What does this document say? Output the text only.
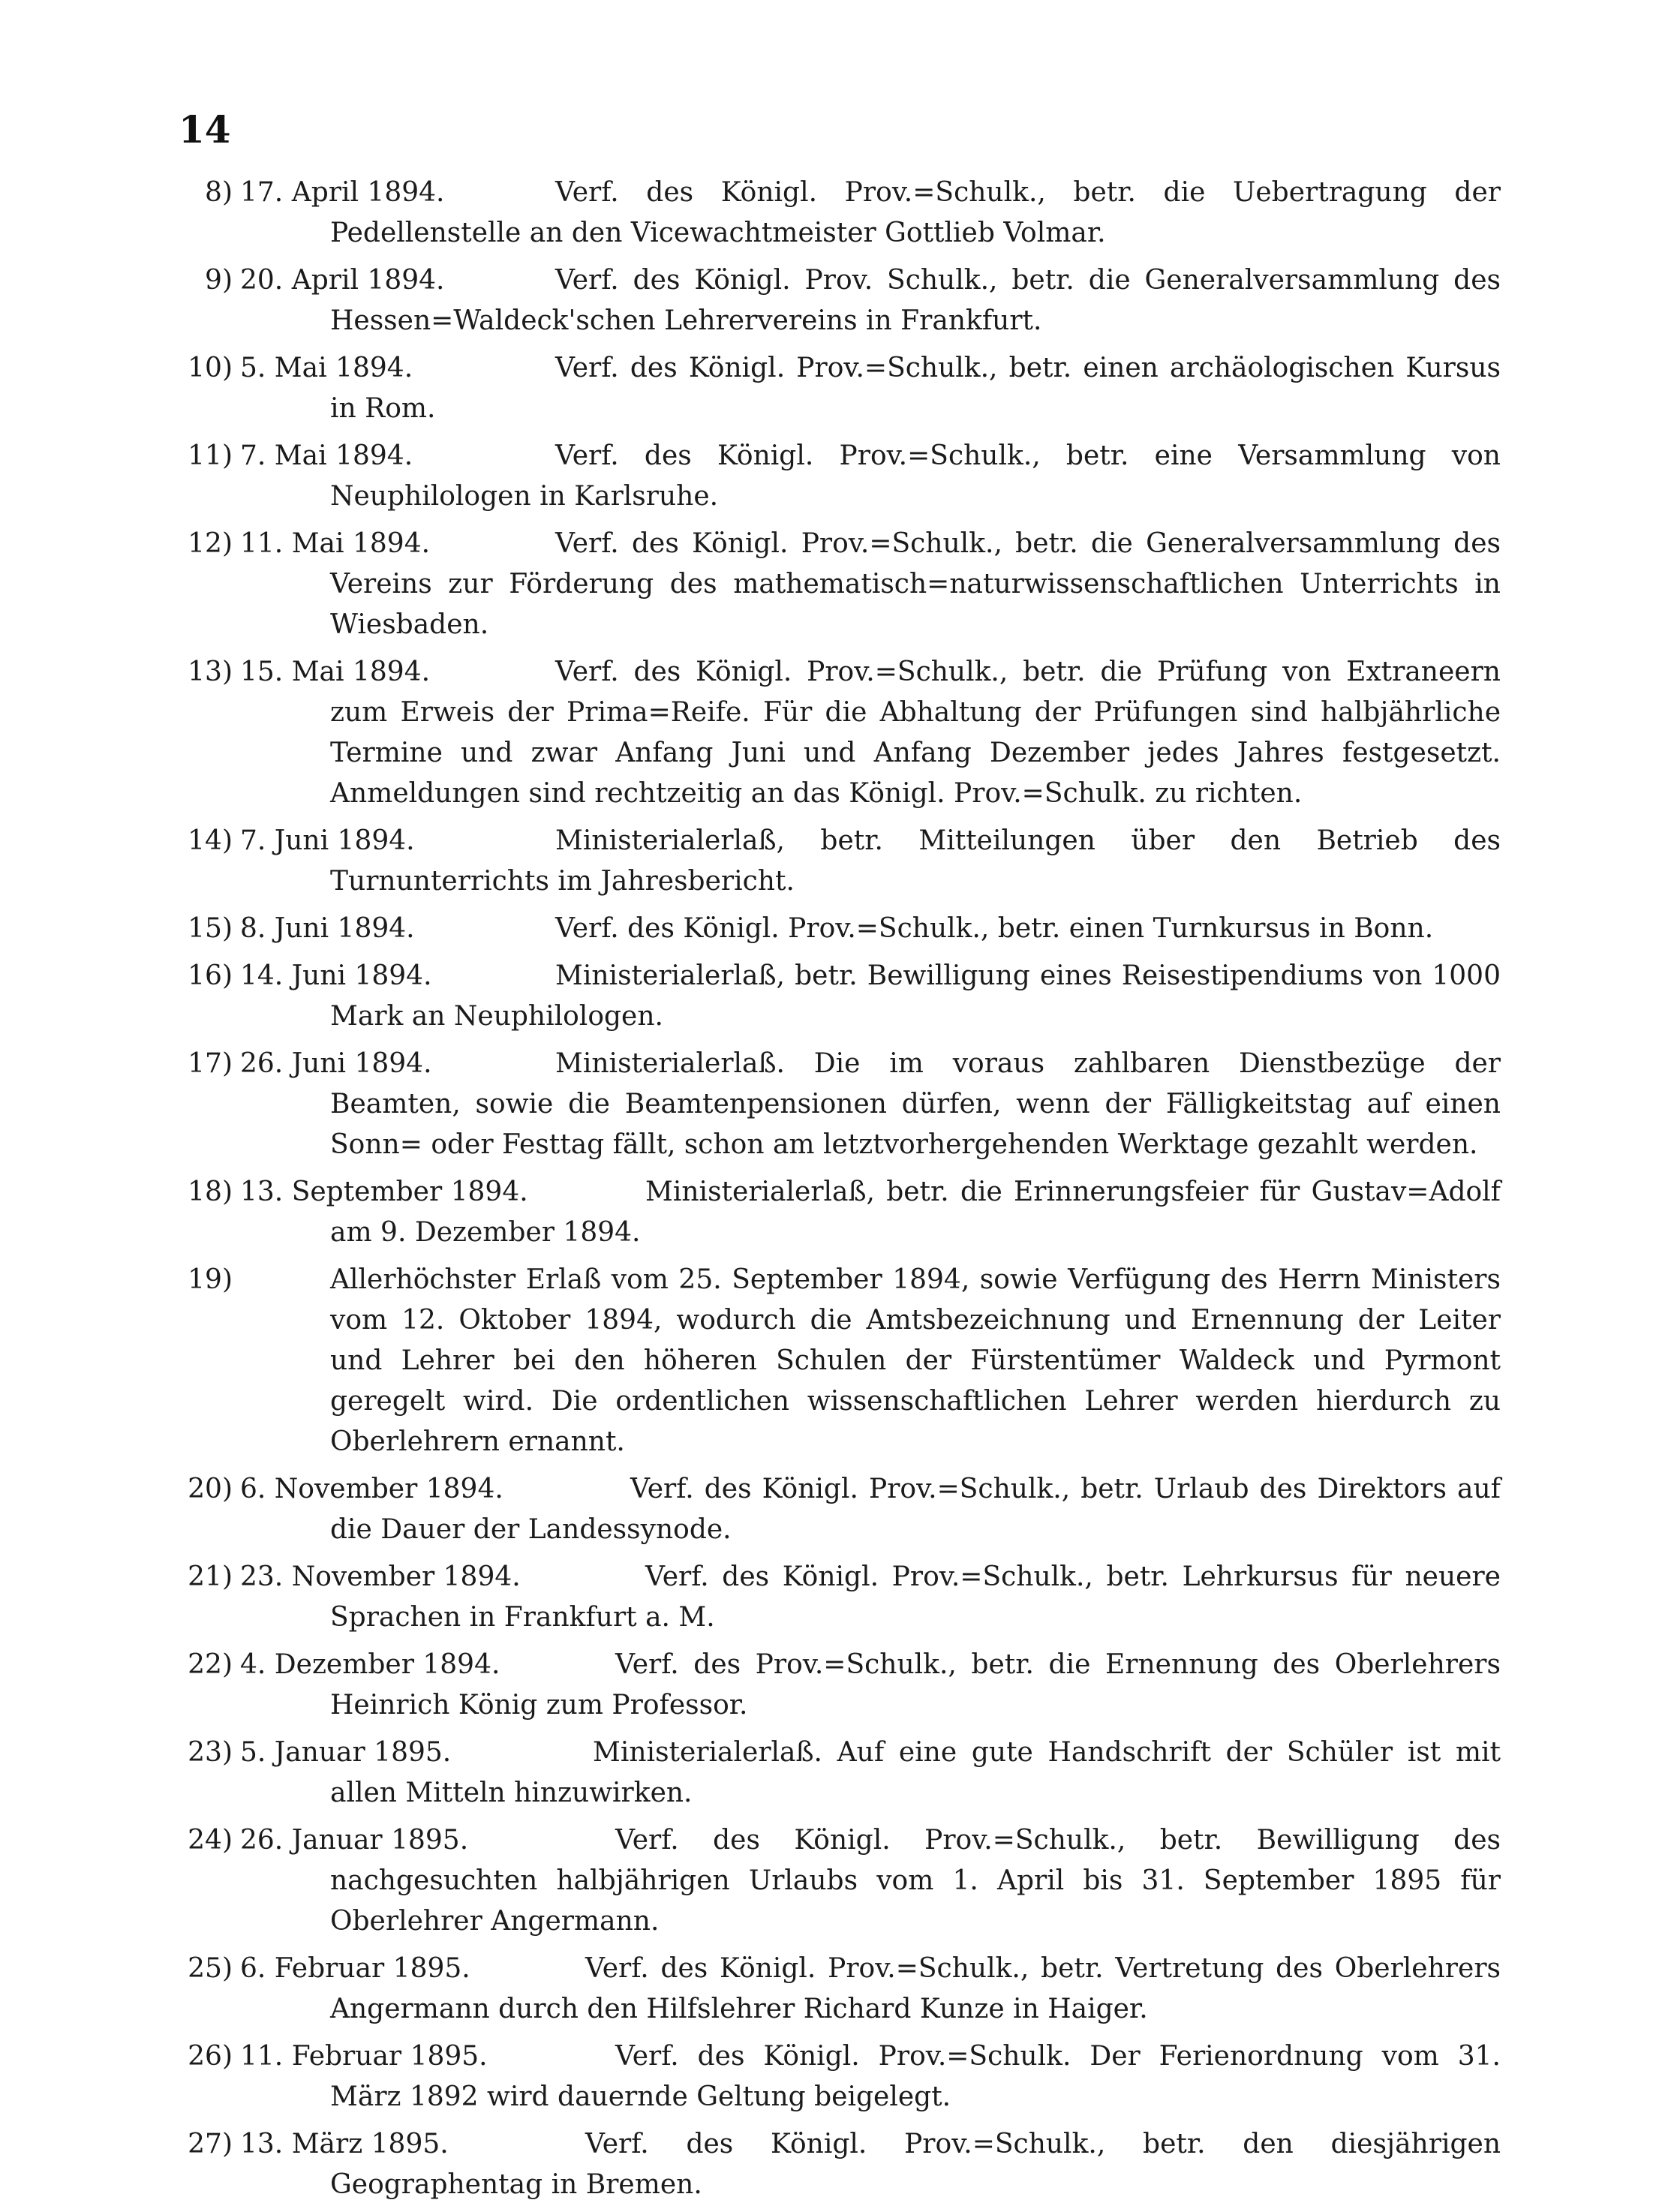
14
8) 17. April 1894.	Verf. des Königl. Prov.=Schulk., betr. die Uebertragung der Pedellenstelle an den Vicewachtmeister Gottlieb Volmar.
9) 20. April 1894.	Verf. des Königl. Prov. Schulk., betr. die Generalversammlung des Hessen=Waldeck'schen Lehrervereins in Frankfurt.
10) 5. Mai 1894.	Verf. des Königl. Prov.=Schulk., betr. einen archäologischen Kursus in Rom.
11) 7. Mai 1894.	Verf. des Königl. Prov.=Schulk., betr. eine Versammlung von Neuphilologen in Karlsruhe.
12) 11. Mai 1894.	Verf. des Königl. Prov.=Schulk., betr. die Generalversammlung des Vereins zur Förderung des mathematisch=naturwissenschaftlichen Unterrichts in Wiesbaden.
13) 15. Mai 1894.	Verf. des Königl. Prov.=Schulk., betr. die Prüfung von Extraneern zum Erweis der Prima=Reife. Für die Abhaltung der Prüfungen sind halbjährliche Termine und zwar Anfang Juni und Anfang Dezember jedes Jahres festgesetzt. Anmeldungen sind rechtzeitig an das Königl. Prov.=Schulk. zu richten.
14) 7. Juni 1894.	Ministerialerlaß, betr. Mitteilungen über den Betrieb des Turnunterrichts im Jahresbericht.
15) 8. Juni 1894.	Verf. des Königl. Prov.=Schulk., betr. einen Turnkursus in Bonn.
16) 14. Juni 1894.	Ministerialerlaß, betr. Bewilligung eines Reisestipendiums von 1000 Mark an Neuphilologen.
17) 26. Juni 1894.	Ministerialerlaß. Die im voraus zahlbaren Dienstbezüge der Beamten, sowie die Beamtenpensionen dürfen, wenn der Fälligkeitstag auf einen Sonn= oder Festtag fällt, schon am letztvorhergehenden Werktage gezahlt werden.
18) 13. September 1894.	Ministerialerlaß, betr. die Erinnerungsfeier für Gustav=Adolf am 9. Dezember 1894.
19)	Allerhöchster Erlaß vom 25. September 1894, sowie Verfügung des Herrn Ministers vom 12. Oktober 1894, wodurch die Amtsbezeichnung und Ernennung der Leiter und Lehrer bei den höheren Schulen der Fürstentümer Waldeck und Pyrmont geregelt wird. Die ordentlichen wissenschaftlichen Lehrer werden hierdurch zu Oberlehrern ernannt.
20) 6. November 1894.	Verf. des Königl. Prov.=Schulk., betr. Urlaub des Direktors auf die Dauer der Landessynode.
21) 23. November 1894.	Verf. des Königl. Prov.=Schulk., betr. Lehrkursus für neuere Sprachen in Frankfurt a. M.
22) 4. Dezember 1894.	Verf. des Prov.=Schulk., betr. die Ernennung des Oberlehrers Heinrich König zum Professor.
23) 5. Januar 1895.	Ministerialerlaß. Auf eine gute Handschrift der Schüler ist mit allen Mitteln hinzuwirken.
24) 26. Januar 1895.	Verf. des Königl. Prov.=Schulk., betr. Bewilligung des nachgesuchten halbjährigen Urlaubs vom 1. April bis 31. September 1895 für Oberlehrer Angermann.
25) 6. Februar 1895.	Verf. des Königl. Prov.=Schulk., betr. Vertretung des Oberlehrers Angermann durch den Hilfslehrer Richard Kunze in Haiger.
26) 11. Februar 1895.	Verf. des Königl. Prov.=Schulk. Der Ferienordnung vom 31. März 1892 wird dauernde Geltung beigelegt.
27) 13. März 1895.	Verf. des Königl. Prov.=Schulk., betr. den diesjährigen Geographentag in Bremen.
